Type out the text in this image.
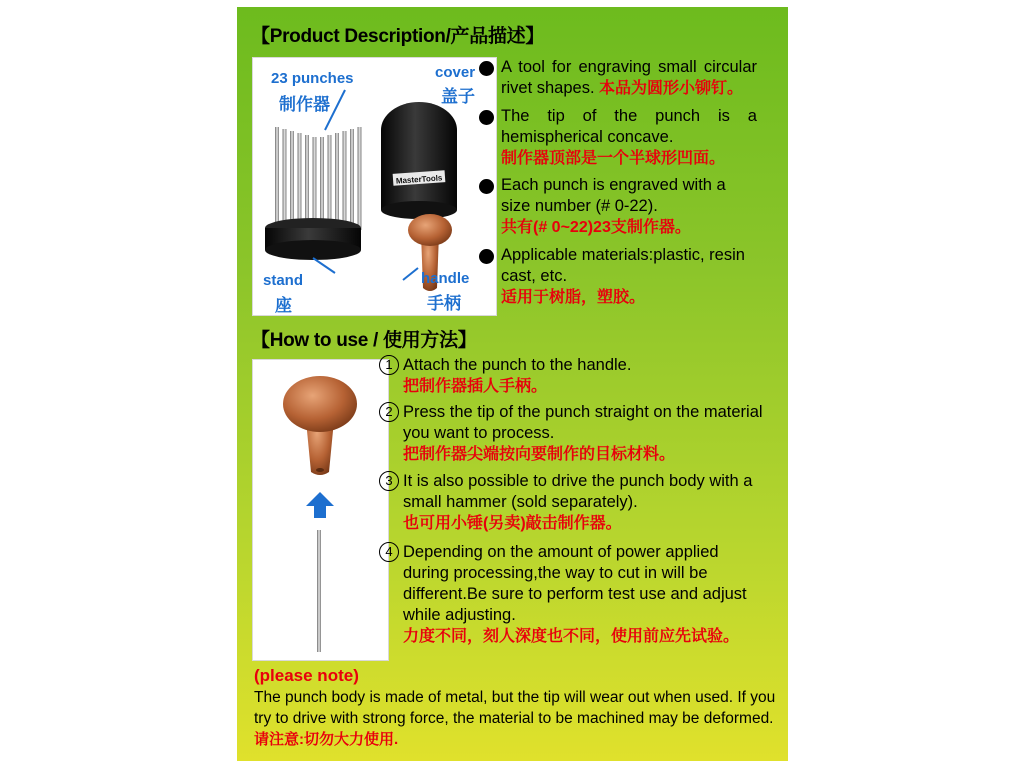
【Product Description/产品描述】
MasterTools
23 punches
制作器
cover
盖子
stand
座
handle
手柄
A tool for engraving small circular rivet shapes. 本品为圆形小铆钉。
The tip of the punch is a hemispherical concave.
制作器顶部是一个半球形凹面。
Each punch is engraved with a size number (# 0-22).
共有(# 0~22)23支制作器。
Applicable materials:plastic, resin cast, etc.
适用于树脂，塑胶。
【How to use / 使用方法】
1 Attach the punch to the handle.
把制作器插人手柄。
2 Press the tip of the punch straight on the material you want to process.
把制作器尖端按向要制作的目标材料。
3 It is also possible to drive the punch body with a small hammer (sold separately).
也可用小锤(另卖)敲击制作器。
4 Depending on the amount of power applied during processing,the way to cut in will be different.Be sure to perform test use and adjust while adjusting.
力度不同，刻人深度也不同，使用前应先试验。
(please note)
The punch body is made of metal, but the tip will wear out when used. If you try to drive with strong force, the material to be machined may be deformed.请注意:切勿大力使用.
